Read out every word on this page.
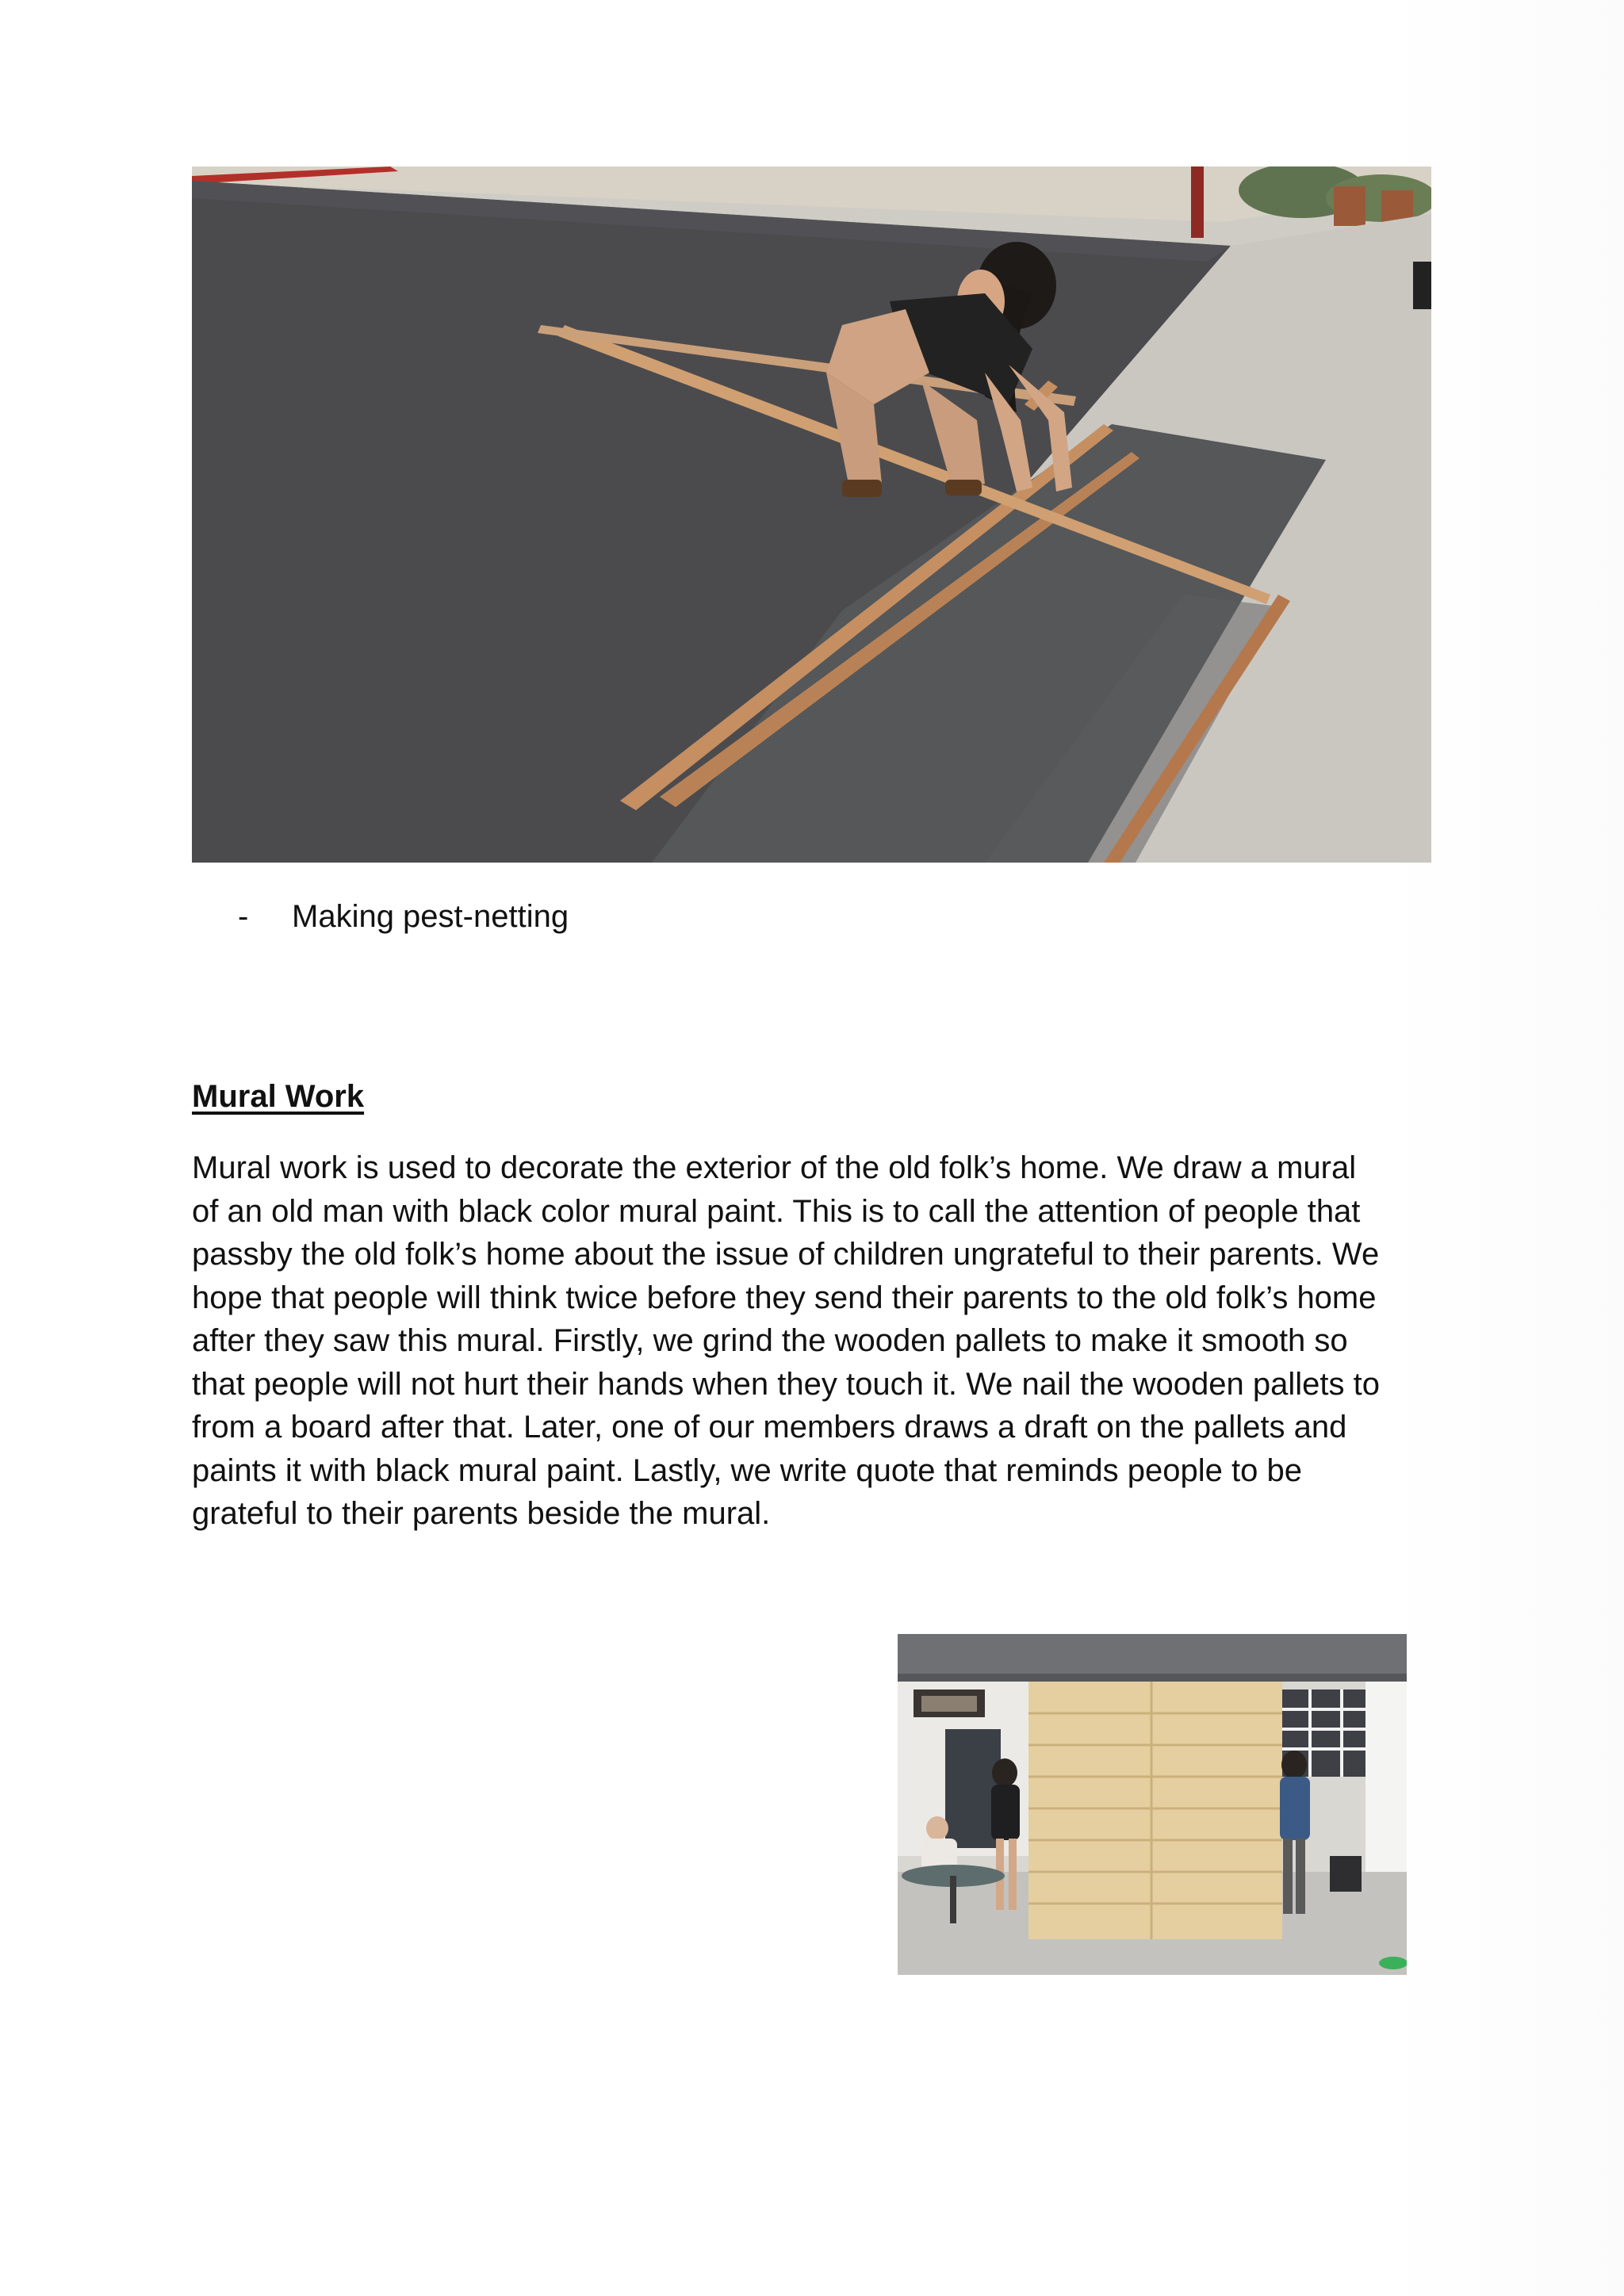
- Making pest-netting
Mural Work
Mural work is used to decorate the exterior of the old folk’s home. We draw a mural
of an old man with black color mural paint. This is to call the attention of people that
passby the old folk’s home about the issue of children ungrateful to their parents. We
hope that people will think twice before they send their parents to the old folk’s home
after they saw this mural. Firstly, we grind the wooden pallets to make it smooth so
that people will not hurt their hands when they touch it. We nail the wooden pallets to
from a board after that. Later, one of our members draws a draft on the pallets and
paints it with black mural paint. Lastly, we write quote that reminds people to be
grateful to their parents beside the mural.
